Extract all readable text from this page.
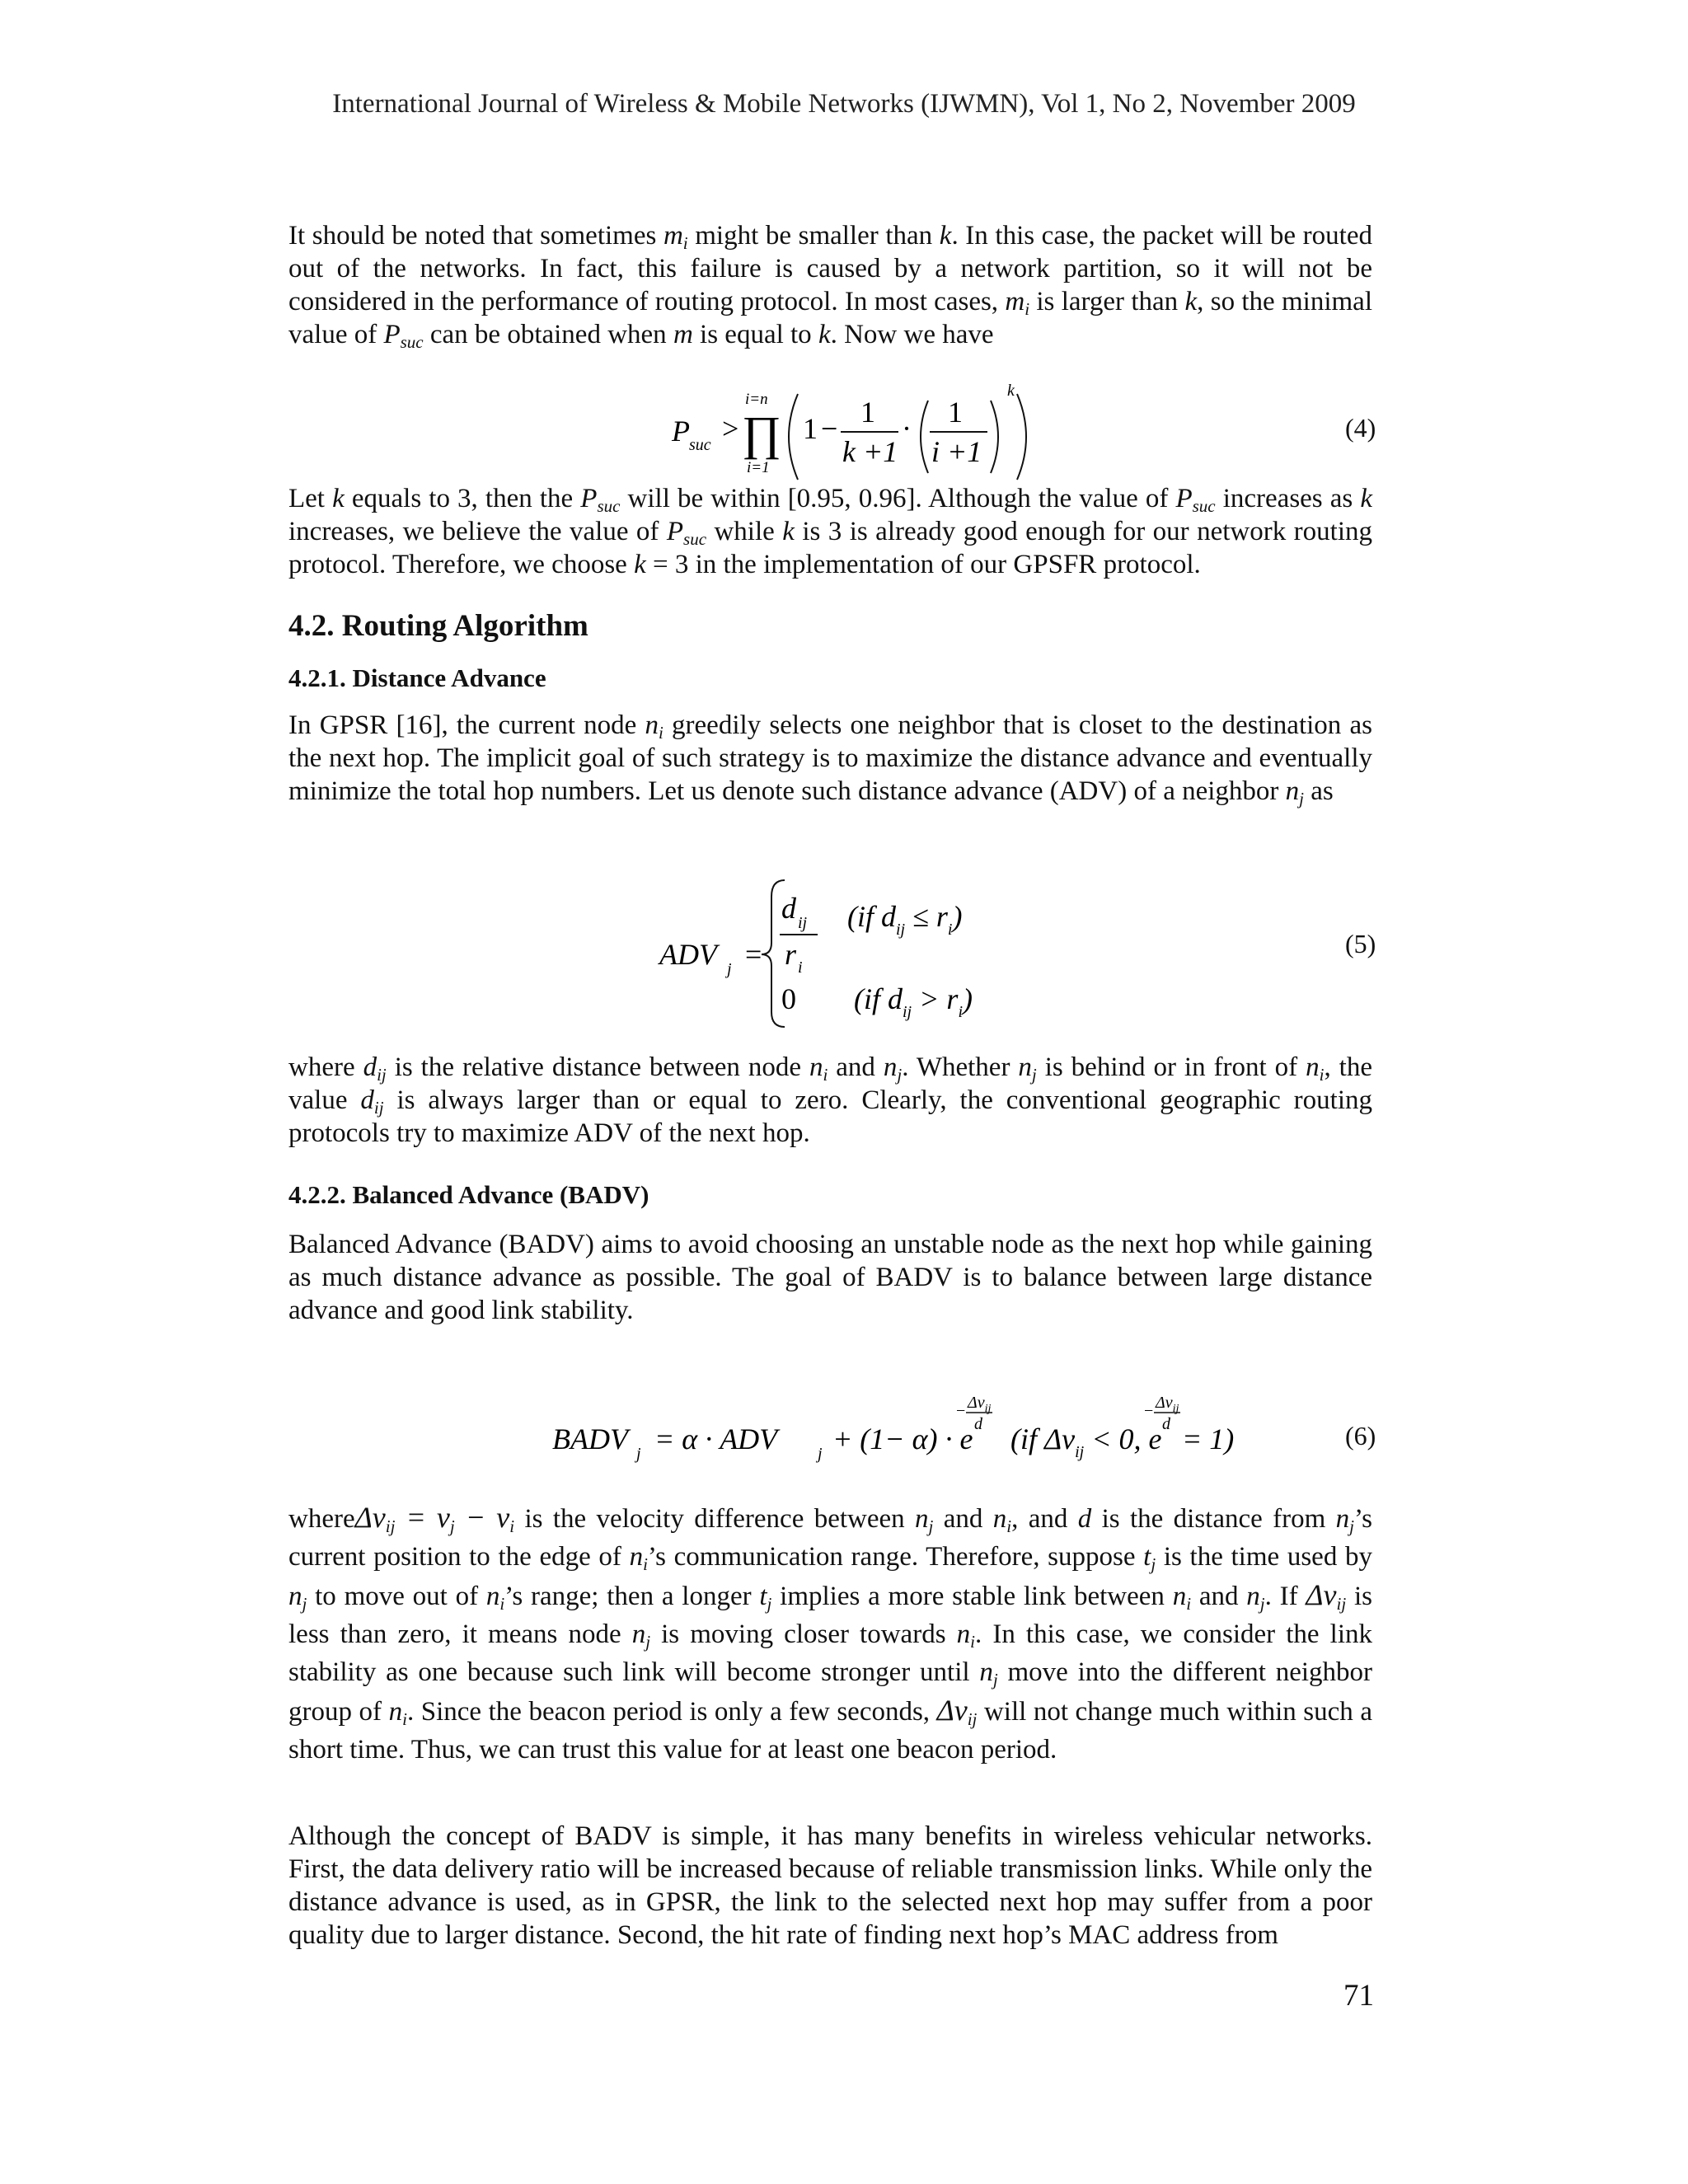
International Journal of Wireless & Mobile Networks (IJWMN), Vol 1, No 2, November 2009

It should be noted that sometimes $m_i$ might be smaller than k. In this case, the packet will be routed out of the networks. In fact, this failure is caused by a network partition, so it will not be considered in the performance of routing protocol. In most cases, $m_i$ is larger than k, so the minimal value of $P_{suc}$ can be obtained when m is equal to k. Now we have

P suc >
i=n
∏
i=1
1 − 1
k +1
· 1
i +1
k
(4)

Let k equals to 3, then the $P_{suc}$ will be within [0.95, 0.96]. Although the value of $P_{suc}$ increases as k increases, we believe the value of $P_{suc}$ while k is 3 is already good enough for our network routing protocol. Therefore, we choose k = 3 in the implementation of our GPSFR protocol.

4.2. Routing Algorithm
4.2.1. Distance Advance

In GPSR [16], the current node $n_i$ greedily selects one neighbor that is closet to the destination as the next hop. The implicit goal of such strategy is to maximize the distance advance and eventually minimize the total hop numbers. Let us denote such distance advance (ADV) of a neighbor $n_j$ as

ADV j =
d ij
r i
(if $d_{ij} \le r_i$)
0 (if $d_{ij} > r_i$)
(5)

where $d_{ij}$ is the relative distance between node $n_i$ and $n_j$. Whether $n_j$ is behind or in front of $n_i$, the value $d_{ij}$ is always larger than or equal to zero. Clearly, the conventional geographic routing protocols try to maximize ADV of the next hop.

4.2.2. Balanced Advance (BADV)

Balanced Advance (BADV) aims to avoid choosing an unstable node as the next hop while gaining as much distance advance as possible. The goal of BADV is to balance between large distance advance and good link stability.

BADV j = α · ADV j + (1− α) · e
− $\Delta v_{ij}$
d (if $\Delta v_{ij} < 0$, e
− $\Delta v_{ij}$
d = 1)	(6)

whereΔv$_{ij}$ = $v_j - v_i$ is the velocity difference between $n_j$ and $n_i$, and d is the distance from $n_j’s$ current position to the edge of $n_i’s$ communication range. Therefore, suppose $t_j$ is the time used by $n_j$ to move out of $n_i’s$ range; then a longer $t_j$ implies a more stable link between $n_i$ and $n_j$. If $\Delta v_{ij}$ is less than zero, it means node $n_j$ is moving closer towards $n_i$. In this case, we consider the link stability as one because such link will become stronger until $n_j$ move into the different neighbor group of $n_i$. Since the beacon period is only a few seconds, $\Delta v_{ij}$ will not change much within such a short time. Thus, we can trust this value for at least one beacon period.

Although the concept of BADV is simple, it has many benefits in wireless vehicular networks. First, the data delivery ratio will be increased because of reliable transmission links. While only the distance advance is used, as in GPSR, the link to the selected next hop may suffer from a poor quality due to larger distance. Second, the hit rate of finding next hop’s MAC address from

71
